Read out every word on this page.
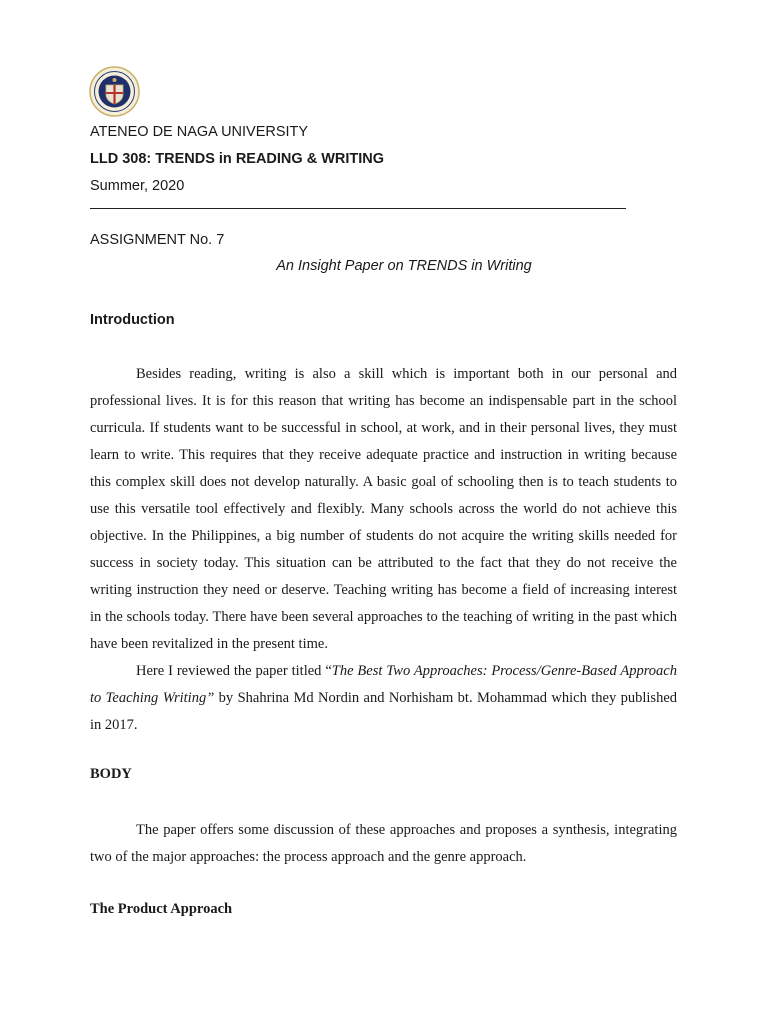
ATENEO DE NAGA UNIVERSITY
LLD 308: TRENDS in READING & WRITING
Summer, 2020
ASSIGNMENT No. 7
An Insight Paper on TRENDS in Writing
Introduction

Besides reading, writing is also a skill which is important both in our personal and professional lives. It is for this reason that writing has become an indispensable part in the school curricula. If students want to be successful in school, at work, and in their personal lives, they must learn to write. This requires that they receive adequate practice and instruction in writing because this complex skill does not develop naturally. A basic goal of schooling then is to teach students to use this versatile tool effectively and flexibly. Many schools across the world do not achieve this objective. In the Philippines, a big number of students do not acquire the writing skills needed for success in society today. This situation can be attributed to the fact that they do not receive the writing instruction they need or deserve. Teaching writing has become a field of increasing interest in the schools today. There have been several approaches to the teaching of writing in the past which have been revitalized in the present time.

Here I reviewed the paper titled “The Best Two Approaches: Process/Genre-Based Approach to Teaching Writing” by Shahrina Md Nordin and Norhisham bt. Mohammad which they published in 2017.

BODY

The paper offers some discussion of these approaches and proposes a synthesis, integrating two of the major approaches: the process approach and the genre approach.

The Product Approach
